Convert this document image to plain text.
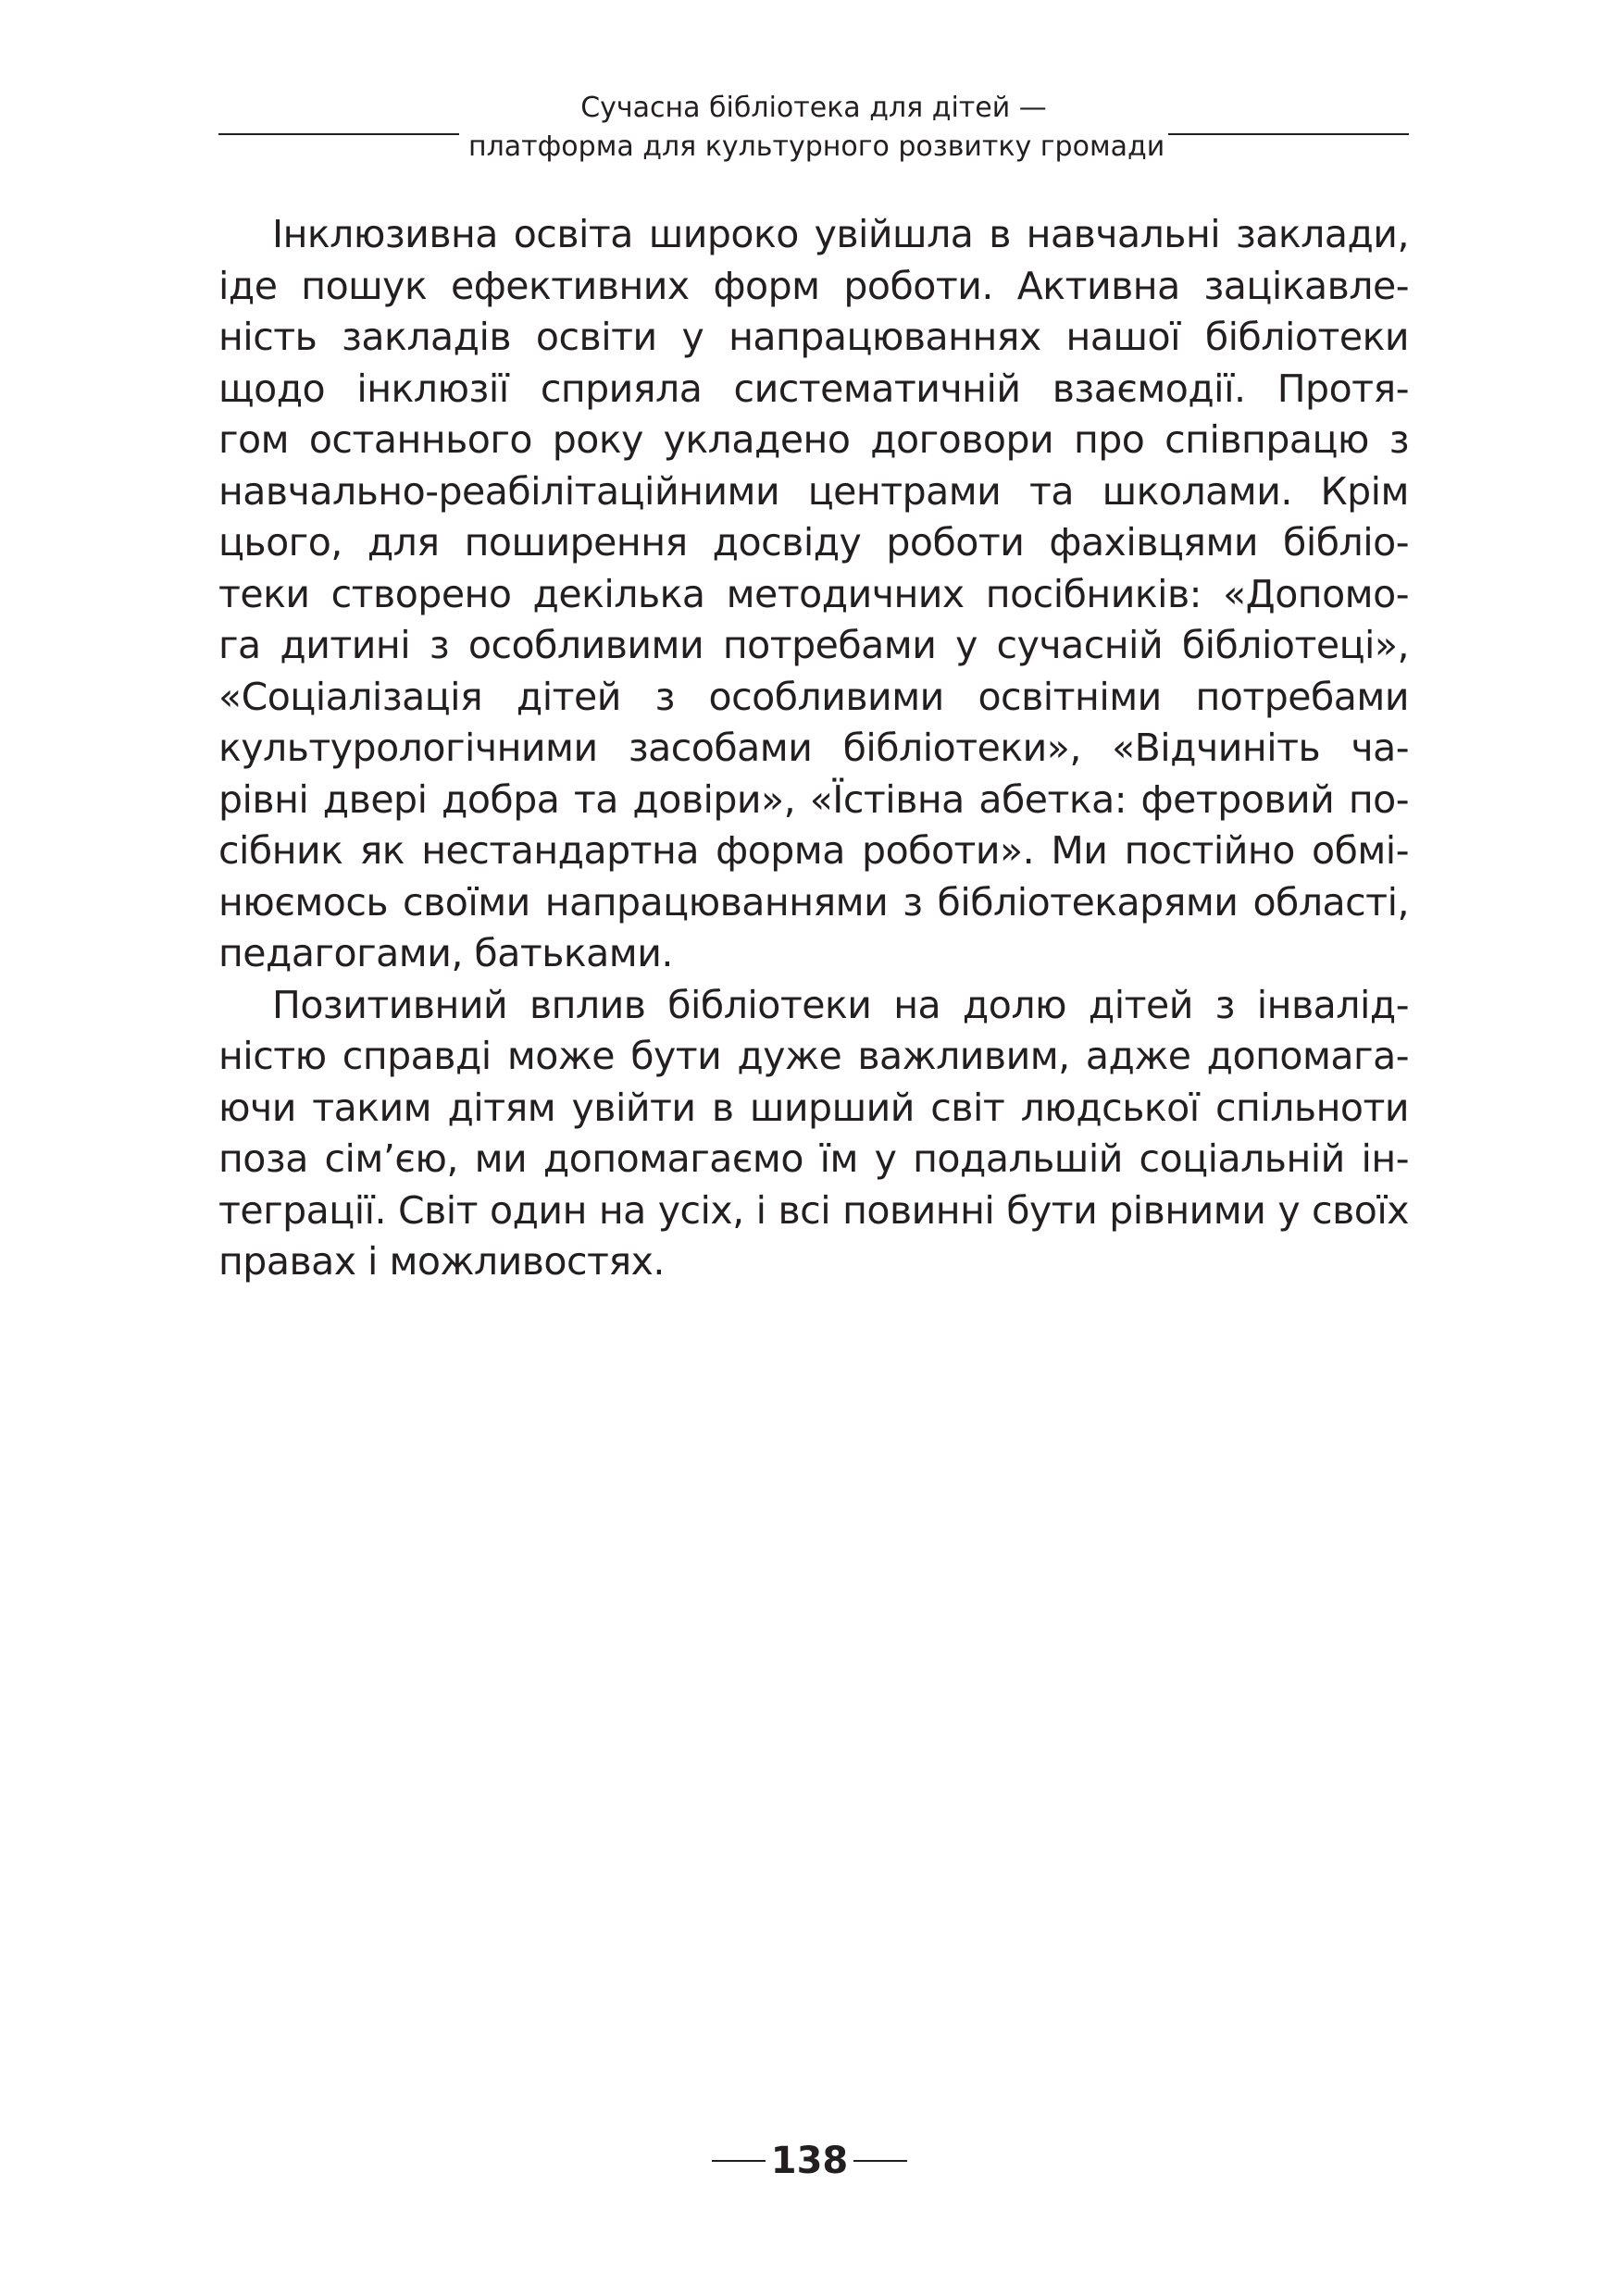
Сучасна бібліотека для дітей —
платформа для культурного розвитку громади
Інклюзивна освіта широко увійшла в навчальні заклади,
іде пошук ефективних форм роботи. Активна зацікавле-
ність закладів освіти у напрацюваннях нашої бібліотеки
щодо інклюзії сприяла систематичній взаємодії. Протя-
гом останнього року укладено договори про співпрацю з
навчально-реабілітаційними центрами та школами. Крім
цього, для поширення досвіду роботи фахівцями бібліо-
теки створено декілька методичних посібників: «Допомо-
га дитині з особливими потребами у сучасній бібліотеці»,
«Соціалізація дітей з особливими освітніми потребами
культурологічними засобами бібліотеки», «Відчиніть ча-
рівні двері добра та довіри», «Їстівна абетка: фетровий по-
сібник як нестандартна форма роботи». Ми постійно обмі-
нюємось своїми напрацюваннями з бібліотекарями області,
педагогами, батьками.
Позитивний вплив бібліотеки на долю дітей з інвалід-
ністю справді може бути дуже важливим, адже допомага-
ючи таким дітям увійти в ширший світ людської спільноти
поза сім’єю, ми допомагаємо їм у подальшій соціальній ін-
теграції. Світ один на усіх, і всі повинні бути рівними у своїх
правах і можливостях.
138
